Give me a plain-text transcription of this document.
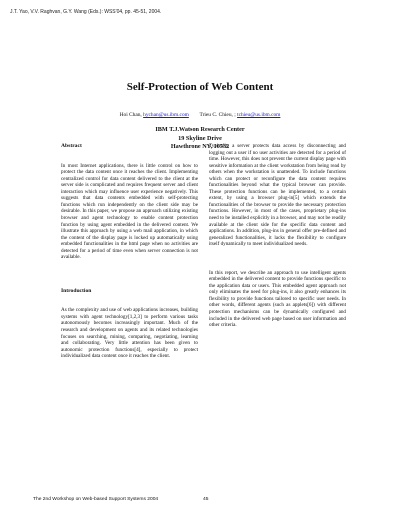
J.T. Yao, V.V. Raghvan, G.Y. Wang (Eds.): WSS'04, pp. 45-51, 2004.
Self-Protection of Web Content
Hoi Chan, hychan@us.ibm.com Trieu C. Chieu, ; tchieu@us.ibm.com
IBM T.J.Watson Research Center
19 Skyline Drive
Hawthrone NY, 10532

Abstract

In most Internet applications, there is little control on how to protect the data content once it reaches the client. Implementing centralized control for data content delivered to the client at the server side is complicated and requires frequent server and client interaction which may influence user experience negatively. This suggests that data contents embedded with self-protecting functions which run independently on the client side may be desirable. In this paper, we propose an approach utilizing existing browser and agent technology to enable content protection function by using agent embedded in the delivered content. We illustrate this approach by using a web mail application, in which the content of the display page is locked up automatically using embedded functionalities in the html page when no activities are detected for a period of time even when server connection is not available.

Introduction

As the complexity and use of web applications increases, building systems with agent technology[1,2,3] to perform various tasks autonomously becomes increasingly important. Much of the research and development on agents and its related technologies focuses on searching, mining, comparing, negotiating, learning and collaborating. Very little attention has been given to autonomic protection functions[4], especially to protect individualized data content once it reaches the client.

Typically, a server protects data access by disconnecting and logging out a user if no user activities are detected for a period of time. However, this does not prevent the current display page with sensitive information at the client workstation from being read by others when the workstation is unattended. To include functions which can protect or reconfigure the data content requires functionalities beyond what the typical browser can provide. These protection functions can be implemented, to a certain extent, by using a browser plug-in[5] which extends the functionalities of the browser to provide the necessary protection functions. However, in most of the cases, proprietary plug-ins need to be installed explicitly in a browser, and may not be readily available at the client side for the specific data content and applications. In addition, plug-ins in general offer pre-defined and generalized functionalities, it lacks the flexibility to configure itself dynamically to meet individualized needs.

In this report, we describe an approach to use intelligent agents embedded in the delivered content to provide functions specific to the application data or users. This embedded agent approach not only eliminates the need for plug-ins, it also greatly enhances its flexibility to provide functions tailored to specific user needs. In other words, different agents (such as applets[6]) with different protection mechanisms can be dynamically configured and included in the delivered web page based on user information and other criteria.

The 2nd Workshop on Web-based Support Systems 2004	45
